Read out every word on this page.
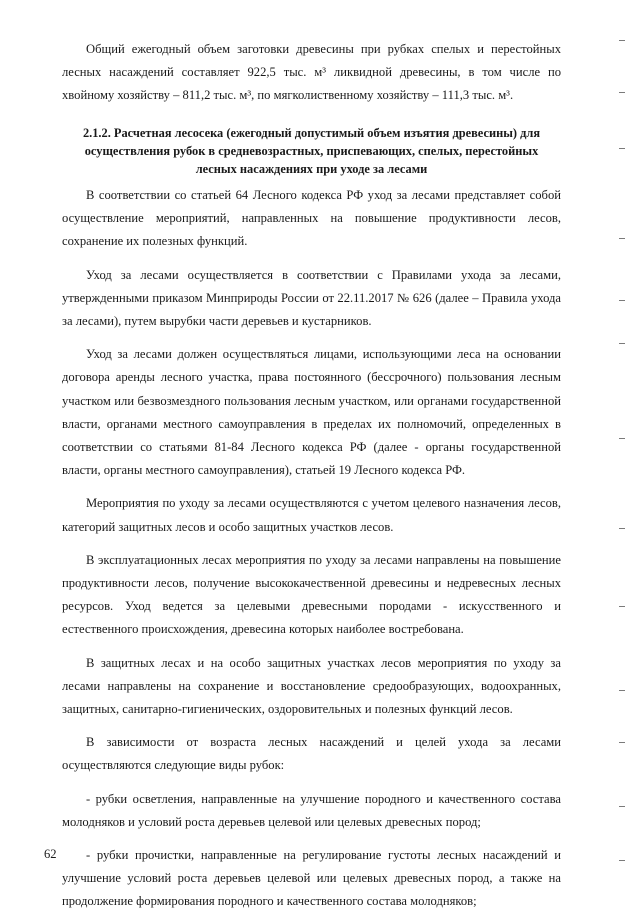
Общий ежегодный объем заготовки древесины при рубках спелых и перестойных лесных насаждений составляет 922,5 тыс. м³ ликвидной древесины, в том числе по хвойному хозяйству – 811,2 тыс. м³, по мягколиственному хозяйству – 111,3 тыс. м³.

2.1.2. Расчетная лесосека (ежегодный допустимый объем изъятия древесины) для
осуществления рубок в средневозрастных, приспевающих, спелых, перестойных
лесных насаждениях при уходе за лесами

В соответствии со статьей 64 Лесного кодекса РФ уход за лесами представляет собой осуществление мероприятий, направленных на повышение продуктивности лесов, сохранение их полезных функций.

Уход за лесами осуществляется в соответствии с Правилами ухода за лесами, утвержденными приказом Минприроды России от 22.11.2017 № 626 (далее – Правила ухода за лесами), путем вырубки части деревьев и кустарников.

Уход за лесами должен осуществляться лицами, использующими леса на основании договора аренды лесного участка, права постоянного (бессрочного) пользования лесным участком или безвозмездного пользования лесным участком, или органами государственной власти, органами местного самоуправления в пределах их полномочий, определенных в соответствии со статьями 81-84 Лесного кодекса РФ (далее - органы государственной власти, органы местного самоуправления), статьей 19 Лесного кодекса РФ.

Мероприятия по уходу за лесами осуществляются с учетом целевого назначения лесов, категорий защитных лесов и особо защитных участков лесов.

В эксплуатационных лесах мероприятия по уходу за лесами направлены на повышение продуктивности лесов, получение высококачественной древесины и недревесных лесных ресурсов. Уход ведется за целевыми древесными породами - искусственного и естественного происхождения, древесина которых наиболее востребована.

В защитных лесах и на особо защитных участках лесов мероприятия по уходу за лесами направлены на сохранение и восстановление средообразующих, водоохранных, защитных, санитарно-гигиенических, оздоровительных и полезных функций лесов.

В зависимости от возраста лесных насаждений и целей ухода за лесами осуществляются следующие виды рубок:

- рубки осветления, направленные на улучшение породного и качественного состава молодняков и условий роста деревьев целевой или целевых древесных пород;

- рубки прочистки, направленные на регулирование густоты лесных насаждений и улучшение условий роста деревьев целевой или целевых древесных пород, а также на продолжение формирования породного и качественного состава молодняков;

62
